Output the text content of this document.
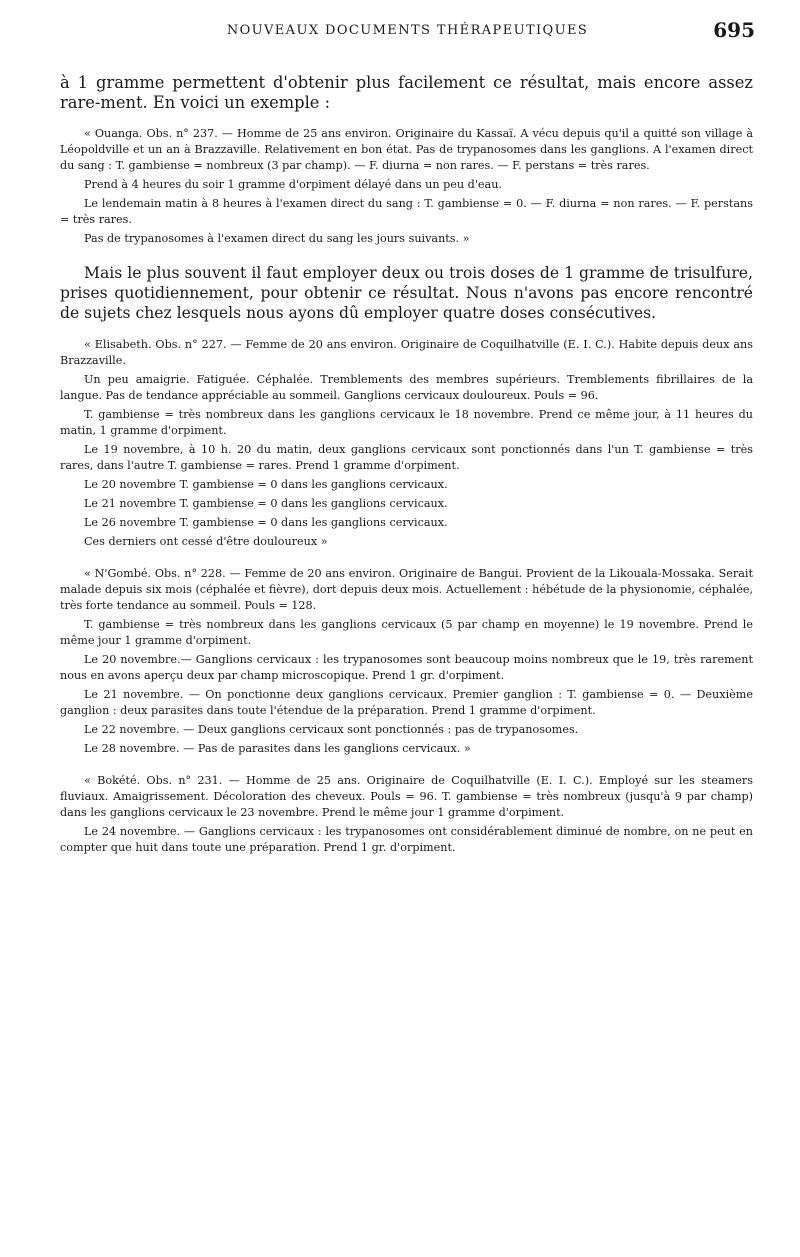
NOUVEAUX DOCUMENTS THÉRAPEUTIQUES	695

à 1 gramme permettent d'obtenir plus facilement ce résultat, mais encore assez rare-ment. En voici un exemple :

« Ouanga. Obs. n° 237. — Homme de 25 ans environ. Originaire du Kassaï. A vécu depuis qu'il a quitté son village à Léopoldville et un an à Brazzaville. Relativement en bon état. Pas de trypanosomes dans les ganglions. A l'examen direct du sang : T. gambiense = nombreux (3 par champ). — F. diurna = non rares. — F. perstans = très rares.

Prend à 4 heures du soir 1 gramme d'orpiment délayé dans un peu d'eau.

Le lendemain matin à 8 heures à l'examen direct du sang : T. gambiense = 0. — F. diurna = non rares. — F. perstans = très rares.

Pas de trypanosomes à l'examen direct du sang les jours suivants. »

Mais le plus souvent il faut employer deux ou trois doses de 1 gramme de trisulfure, prises quotidiennement, pour obtenir ce résultat. Nous n'avons pas encore rencontré de sujets chez lesquels nous ayons dû employer quatre doses consécutives.

« Elisabeth. Obs. n° 227. — Femme de 20 ans environ. Originaire de Coquilhatville (E. I. C.). Habite depuis deux ans Brazzaville.

Un peu amaigrie. Fatiguée. Céphalée. Tremblements des membres supérieurs. Tremblements fibrillaires de la langue. Pas de tendance appréciable au sommeil. Ganglions cervicaux douloureux. Pouls = 96.

T. gambiense = très nombreux dans les ganglions cervicaux le 18 novembre. Prend ce même jour, à 11 heures du matin, 1 gramme d'orpiment.

Le 19 novembre, à 10 h. 20 du matin, deux ganglions cervicaux sont ponctionnés dans l'un T. gambiense = très rares, dans l'autre T. gambiense = rares. Prend 1 gramme d'orpiment.

Le 20 novembre T. gambiense = 0 dans les ganglions cervicaux.

Le 21 novembre T. gambiense = 0 dans les ganglions cervicaux.

Le 26 novembre T. gambiense = 0 dans les ganglions cervicaux.

Ces derniers ont cessé d'être douloureux »

« N'Gombé. Obs. n° 228. — Femme de 20 ans environ. Originaire de Bangui. Provient de la Likouala-Mossaka. Serait malade depuis six mois (céphalée et fièvre), dort depuis deux mois. Actuellement : hébétude de la physionomie, céphalée, très forte tendance au sommeil. Pouls = 128.

T. gambiense = très nombreux dans les ganglions cervicaux (5 par champ en moyenne) le 19 novembre. Prend le même jour 1 gramme d'orpiment.

Le 20 novembre.— Ganglions cervicaux : les trypanosomes sont beaucoup moins nombreux que le 19, très rarement nous en avons aperçu deux par champ microscopique. Prend 1 gr. d'orpiment.

Le 21 novembre. — On ponctionne deux ganglions cervicaux. Premier ganglion : T. gambiense = 0. — Deuxième ganglion : deux parasites dans toute l'étendue de la préparation. Prend 1 gramme d'orpiment.

Le 22 novembre. — Deux ganglions cervicaux sont ponctionnés : pas de trypanosomes.

Le 28 novembre. — Pas de parasites dans les ganglions cervicaux. »

« Bokété. Obs. n° 231. — Homme de 25 ans. Originaire de Coquilhatville (E. I. C.). Employé sur les steamers fluviaux. Amaigrissement. Décoloration des cheveux. Pouls = 96. T. gambiense = très nombreux (jusqu'à 9 par champ) dans les ganglions cervicaux le 23 novembre. Prend le même jour 1 gramme d'orpiment.

Le 24 novembre. — Ganglions cervicaux : les trypanosomes ont considérablement diminué de nombre, on ne peut en compter que huit dans toute une préparation. Prend 1 gr. d'orpiment.
